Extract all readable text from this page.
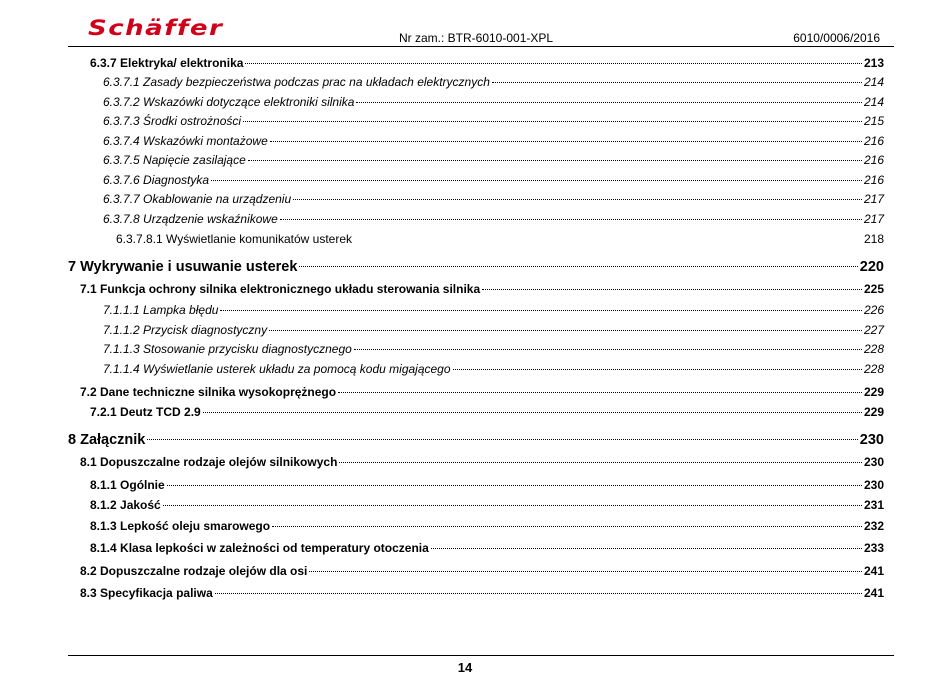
Schäffer	Nr zam.: BTR-6010-001-XPL	6010/0006/2016
6.3.7 Elektryka/ elektronika	213
6.3.7.1 Zasady bezpieczeństwa podczas prac na układach elektrycznych	214
6.3.7.2 Wskazówki dotyczące elektroniki silnika	214
6.3.7.3 Środki ostrożności	215
6.3.7.4 Wskazówki montażowe	216
6.3.7.5 Napięcie zasilające	216
6.3.7.6 Diagnostyka	216
6.3.7.7 Okablowanie na urządzeniu	217
6.3.7.8 Urządzenie wskaźnikowe	217
6.3.7.8.1 Wyświetlanie komunikatów usterek	218
7 Wykrywanie i usuwanie usterek	220
7.1 Funkcja ochrony silnika elektronicznego układu sterowania silnika	225
7.1.1.1 Lampka błędu	226
7.1.1.2 Przycisk diagnostyczny	227
7.1.1.3 Stosowanie przycisku diagnostycznego	228
7.1.1.4 Wyświetlanie usterek układu za pomocą kodu migającego	228
7.2 Dane techniczne silnika wysokoprężnego	229
7.2.1 Deutz TCD 2.9	229
8 Załącznik	230
8.1 Dopuszczalne rodzaje olejów silnikowych	230
8.1.1 Ogólnie	230
8.1.2 Jakość	231
8.1.3 Lepkość oleju smarowego	232
8.1.4 Klasa lepkości w zależności od temperatury otoczenia	233
8.2 Dopuszczalne rodzaje olejów dla osi	241
8.3 Specyfikacja paliwa	241
14
